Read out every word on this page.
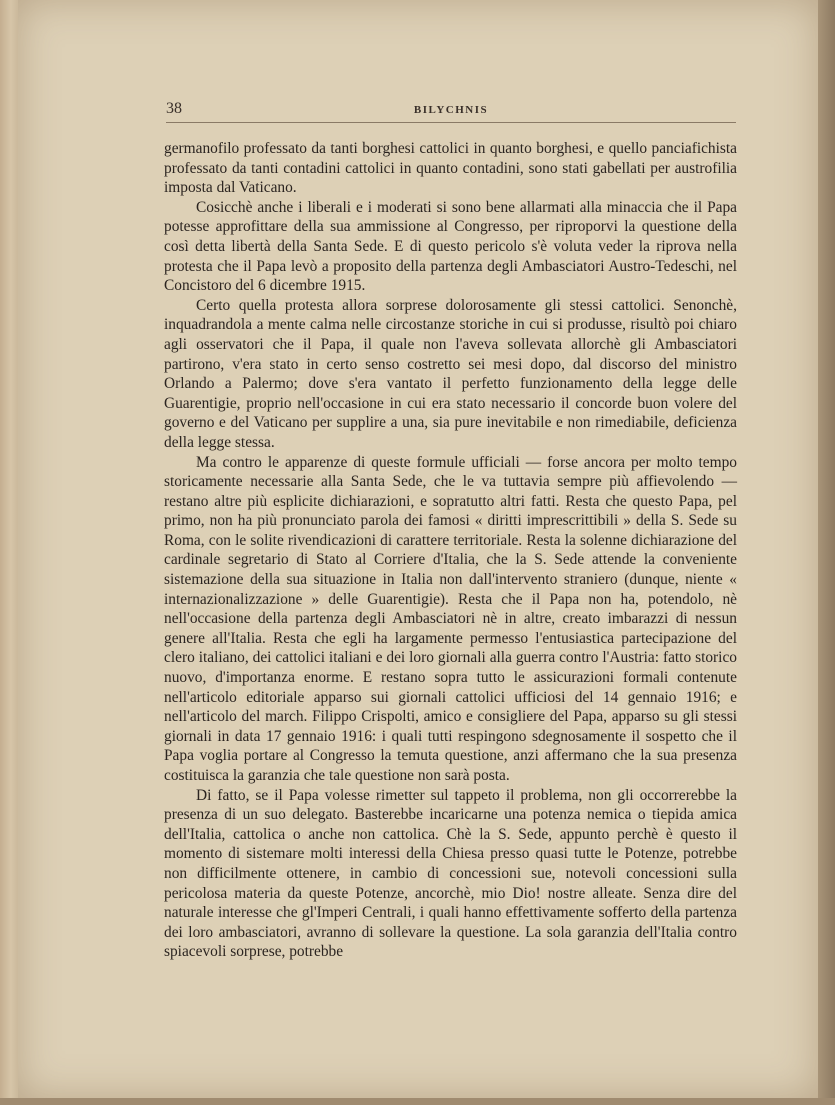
38	BILYCHNIS

germanofilo professato da tanti borghesi cattolici in quanto borghesi, e quello panciafichista professato da tanti contadini cattolici in quanto contadini, sono stati gabellati per austrofilia imposta dal Vaticano.

Cosicchè anche i liberali e i moderati si sono bene allarmati alla minaccia che il Papa potesse approfittare della sua ammissione al Congresso, per riproporvi la questione della così detta libertà della Santa Sede. E di questo pericolo s'è voluta veder la riprova nella protesta che il Papa levò a proposito della partenza degli Ambasciatori Austro-Tedeschi, nel Concistoro del 6 dicembre 1915.

Certo quella protesta allora sorprese dolorosamente gli stessi cattolici. Senonchè, inquadrandola a mente calma nelle circostanze storiche in cui si produsse, risultò poi chiaro agli osservatori che il Papa, il quale non l'aveva sollevata allorchè gli Ambasciatori partirono, v'era stato in certo senso costretto sei mesi dopo, dal discorso del ministro Orlando a Palermo; dove s'era vantato il perfetto funzionamento della legge delle Guarentigie, proprio nell'occasione in cui era stato necessario il concorde buon volere del governo e del Vaticano per supplire a una, sia pure inevitabile e non rimediabile, deficienza della legge stessa.

Ma contro le apparenze di queste formule ufficiali — forse ancora per molto tempo storicamente necessarie alla Santa Sede, che le va tuttavia sempre più affievolendo — restano altre più esplicite dichiarazioni, e sopratutto altri fatti. Resta che questo Papa, pel primo, non ha più pronunciato parola dei famosi « diritti imprescrittibili » della S. Sede su Roma, con le solite rivendicazioni di carattere territoriale. Resta la solenne dichiarazione del cardinale segretario di Stato al Corriere d'Italia, che la S. Sede attende la conveniente sistemazione della sua situazione in Italia non dall'intervento straniero (dunque, niente « internazionalizzazione » delle Guarentigie). Resta che il Papa non ha, potendolo, nè nell'occasione della partenza degli Ambasciatori nè in altre, creato imbarazzi di nessun genere all'Italia. Resta che egli ha largamente permesso l'entusiastica partecipazione del clero italiano, dei cattolici italiani e dei loro giornali alla guerra contro l'Austria: fatto storico nuovo, d'importanza enorme. E restano sopra tutto le assicurazioni formali contenute nell'articolo editoriale apparso sui giornali cattolici ufficiosi del 14 gennaio 1916; e nell'articolo del march. Filippo Crispolti, amico e consigliere del Papa, apparso su gli stessi giornali in data 17 gennaio 1916: i quali tutti respingono sdegnosamente il sospetto che il Papa voglia portare al Congresso la temuta questione, anzi affermano che la sua presenza costituisca la garanzia che tale questione non sarà posta.

Di fatto, se il Papa volesse rimetter sul tappeto il problema, non gli occorrerebbe la presenza di un suo delegato. Basterebbe incaricarne una potenza nemica o tiepida amica dell'Italia, cattolica o anche non cattolica. Chè la S. Sede, appunto perchè è questo il momento di sistemare molti interessi della Chiesa presso quasi tutte le Potenze, potrebbe non difficilmente ottenere, in cambio di concessioni sue, notevoli concessioni sulla pericolosa materia da queste Potenze, ancorchè, mio Dio! nostre alleate. Senza dire del naturale interesse che gl'Imperi Centrali, i quali hanno effettivamente sofferto della partenza dei loro ambasciatori, avranno di sollevare la questione. La sola garanzia dell'Italia contro spiacevoli sorprese, potrebbe
